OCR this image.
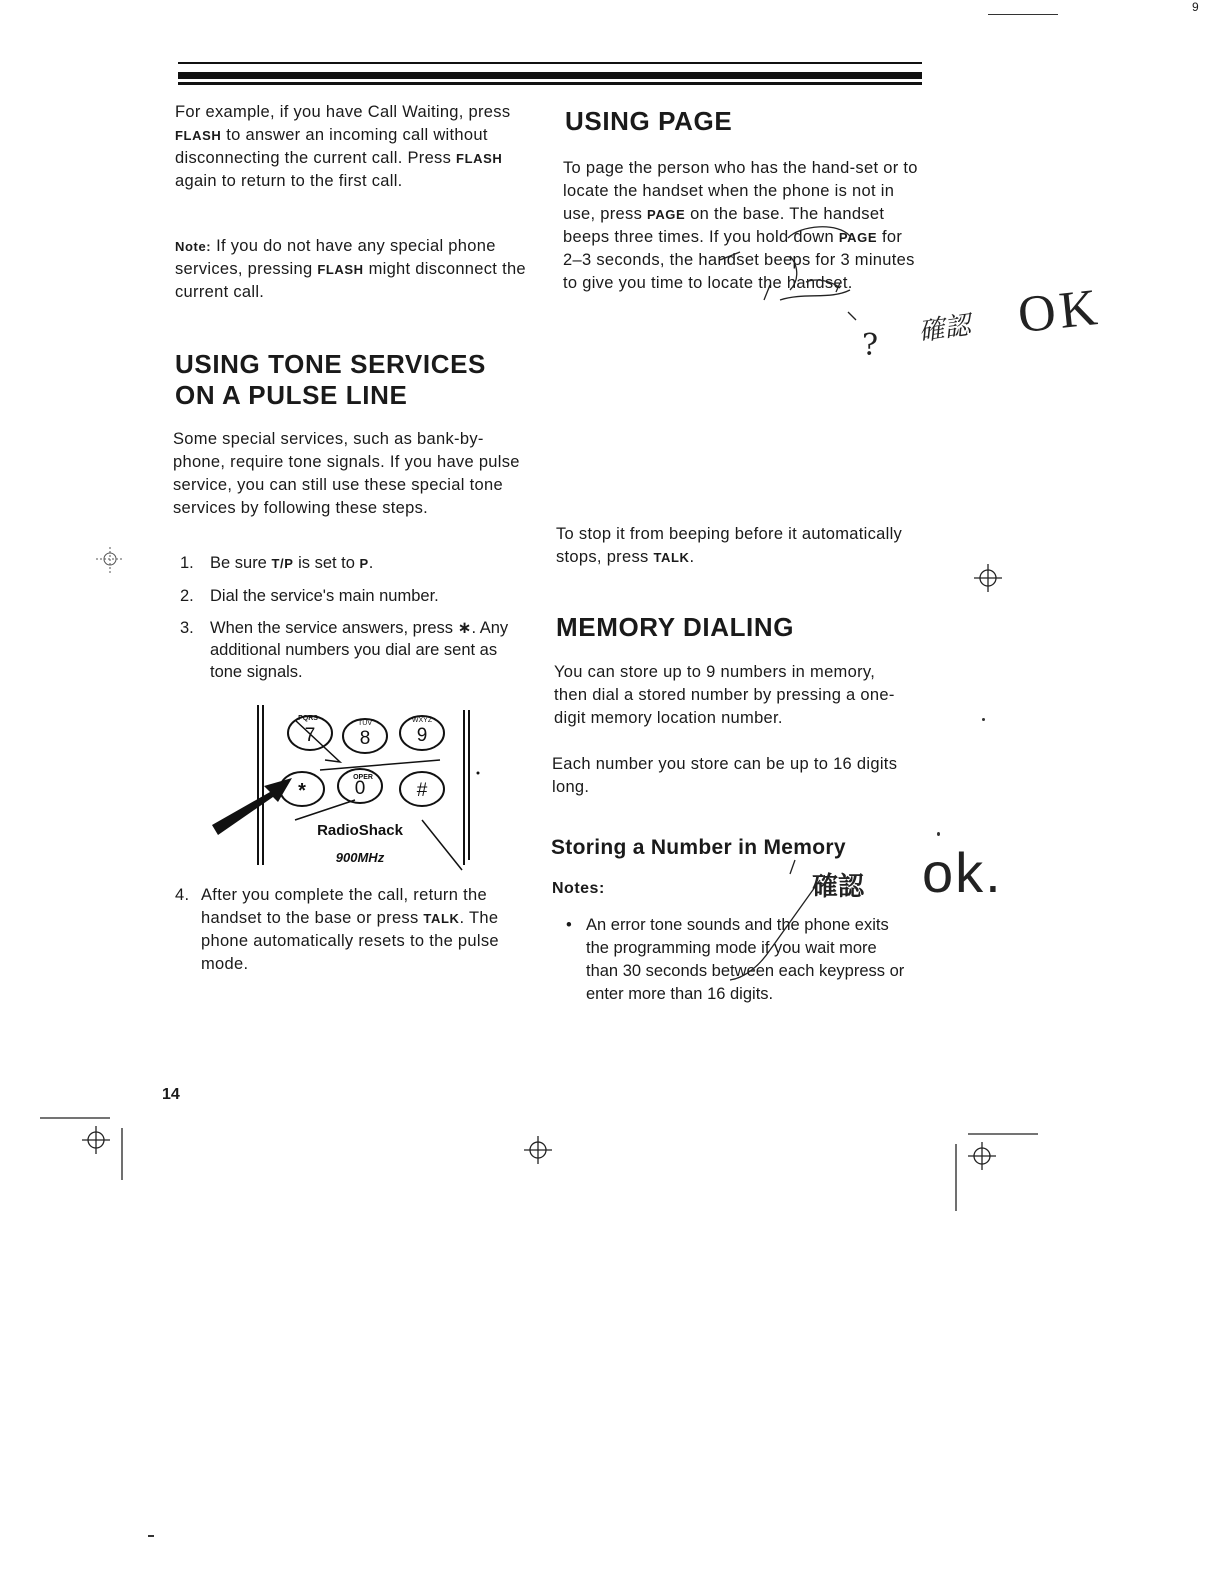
9
For example, if you have Call Waiting, press FLASH to answer an incoming call without disconnecting the current call. Press FLASH again to return to the first call.
Note: If you do not have any special phone services, pressing FLASH might disconnect the current call.
USING TONE SERVICES
ON A PULSE LINE
Some special services, such as bank-by-phone, require tone signals. If you have pulse service, you can still use these special tone services by following these steps.
1. Be sure T/P is set to P.
2. Dial the service's main number.
3. When the service answers, press ∗. Any additional numbers you dial are sent as tone signals.
PQRS
7
TUV
8
WXYZ
9
*
OPER
0	#
RadioShack
900MHz
4. After you complete the call, return the handset to the base or press TALK. The phone automatically resets to the pulse mode.
14
USING PAGE
To page the person who has the hand-set or to locate the handset when the phone is not in use, press PAGE on the base. The handset beeps three times. If you hold down PAGE for 2–3 seconds, the handset beeps for 3 minutes to give you time to locate the handset.
To stop it from beeping before it automatically stops, press TALK.
MEMORY DIALING
You can store up to 9 numbers in memory, then dial a stored number by pressing a one-digit memory location number.
Each number you store can be up to 16 digits long.
Storing a Number in Memory
Notes:
• An error tone sounds and the phone exits the programming mode if you wait more than 30 seconds between each keypress or enter more than 16 digits.
確認 OK
?
確認 ok.
